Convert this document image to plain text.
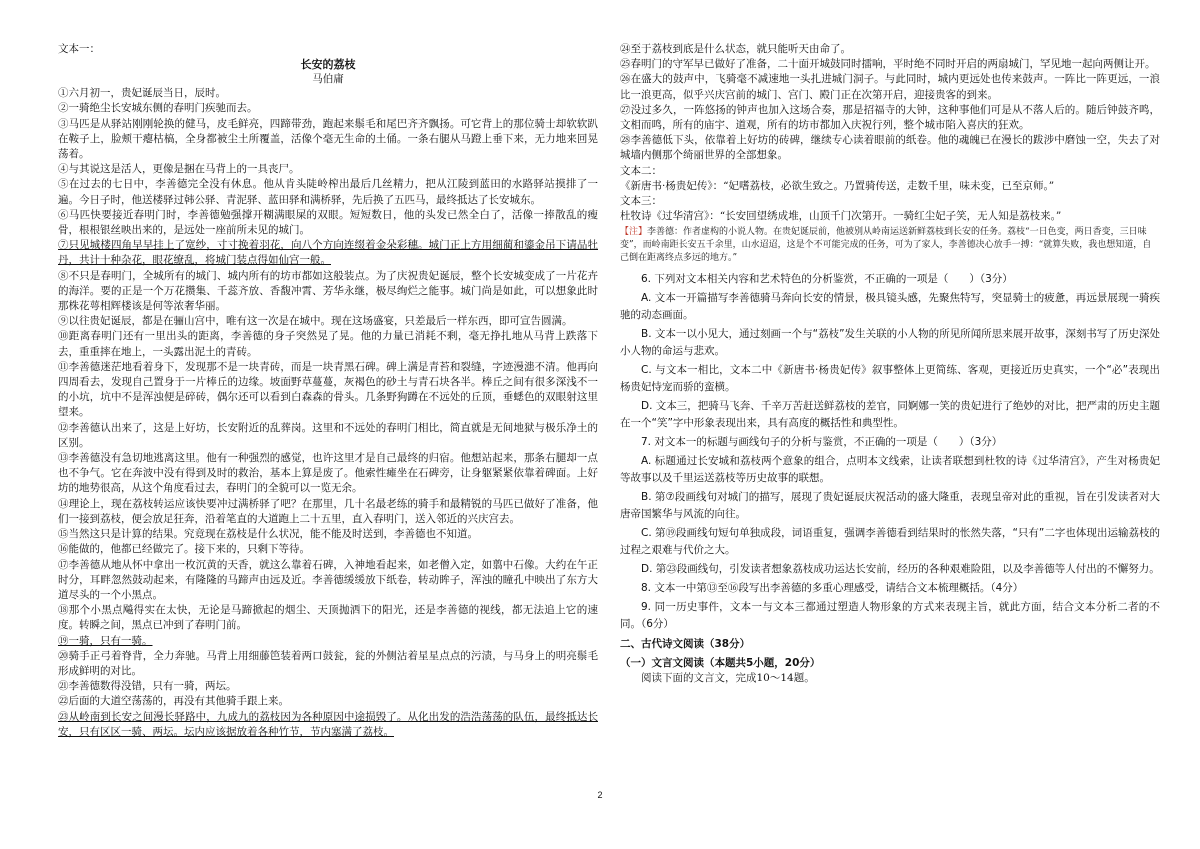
文本一：

长安的荔枝

马伯庸

①六月初一，贵妃诞辰当日，辰时。

②一骑绝尘长安城东侧的春明门疾驰而去。

③马匹是从驿站刚刚轮换的健马，皮毛鲜亮，四蹄带劲，跑起来鬃毛和尾巴齐齐飘扬。可它背上的那位骑士却软软趴在鞍子上，脸颊干瘪枯槁，全身都被尘土所覆盖，活像个毫无生命的土俑。一条右腿从马蹬上垂下来，无力地来回晃荡着。

④与其说这是活人，更像是捆在马背上的一具丧尸。

⑤在过去的七日中，李善德完全没有休息。他从肯头陡岭榨出最后几丝精力，把从江陵到蓝田的水路驿站摸排了一遍。今日子时，他送楼驿过韩公驿、青泥驿、蓝田驿和满桥驿，先后换了五匹马，最终抵达了长安城东。

⑥马匹快要接近春明门时，李善德勉强撑开糊满眼屎的双眼。短短数日，他的头发已然全白了，活像一捧散乱的瘦骨，根根银丝映出来的，是远处一座前所未见的城门。

⑦只见城楼四角早早挂上了宽纱，寸寸挽着羽花，向八个方向连缀着金朵彩穗。城门正上方用细蔺和鎏金吊下请品牡丹，共计十种杂花，眼花缭乱，将城门装点得如仙宫一般。

⑧不只是春明门，全城所有的城门、城内所有的坊市都如这般装点。为了庆祝贵妃诞辰，整个长安城变成了一片花卉的海洋。要的正是一个万花攒集、千蕊齐放、香馥冲霄、芳华永继，极尽绚烂之能事。城门尚是如此，可以想象此时那株花萼相辉楼该是何等浓奢华丽。

⑨以往贵妃诞辰，都是在骊山宫中，唯有这一次是在城中。现在这场盛宴，只差最后一样东西，即可宣告圆满。

⑩距离春明门还有一里出头的距离，李善德的身子突然晃了晃。他的力量已消耗不剩，毫无挣扎地从马背上跌落下去，重重摔在地上，一头露出泥土的青砖。

⑪李善德迷茫地看着身下，发现那不是一块青砖，而是一块青黑石碑。碑上满是青苔和裂缝，字迹漫漶不清。他再向四周看去，发现自己置身于一片棒丘的边缘。坡面野草蔓蔓，灰褐色的砂土与青石块各半。棒丘之间有很多深浅不一的小坑，坑中不是浑浊便是碎砖，偶尔还可以看到白森森的骨头。几条野狗蹲在不远处的丘顶，垂蟋色的双眼射这里望来。

⑫李善德认出来了，这是上好坊，长安附近的乱葬岗。这里和不远处的春明门相比，简直就是无间地狱与极乐净土的区别。

⑬李善德没有急切地逃离这里。他有一种强烈的感觉，也许这里才是自己最终的归宿。他想站起来，那条右腿却一点也不争气。它在奔波中没有得到及时的救治，基本上算是废了。他索性瘫坐在石碑旁，让身躯紧紧依靠着碑面。上好坊的地势很高，从这个角度看过去，春明门的全貌可以一览无余。

⑭理论上，现在荔枝转运应该快要冲过满桥驿了吧？在那里，几十名最老练的骑手和最精锐的马匹已做好了准备，他们一接到荔枝，便会放足狂奔，沿着笔直的大道跑上二十五里，直入春明门，送入邻近的兴庆宫去。

⑮当然这只是计算的结果。究竟现在荔枝是什么状况，能不能及时送到，李善德也不知道。

⑯能做的，他都已经做完了。接下来的，只剩下等待。

⑰李善德从地从怀中拿出一枚沉黄的天香，就这么靠着石碑，入神地看起来，如老僧入定，如翦中石像。大约在午正时分，耳畔忽然鼓动起来，有隆隆的马蹄声由远及近。李善德缓缓放下纸卷，转动眸子，浑浊的瞳孔中映出了东方大道尽头的一个小黑点。

⑱那个小黑点飚得实在太快，无论是马蹄掀起的烟尘、天顶抛洒下的阳光，还是李善德的视线，都无法追上它的速度。转瞬之间，黑点已冲到了春明门前。

⑲一骑，只有一骑。

⑳骑手正弓着脊背，全力奔驰。马背上用细藤笆装着两口鼓瓮，瓮的外侧沾着星星点点的污渍，与马身上的明亮鬃毛形成鲜明的对比。

㉑李善德数得没错，只有一骑，两坛。

㉒后面的大道空荡荡的，再没有其他骑手跟上来。

㉓从岭南到长安之间漫长驿路中，九成九的荔枝因为各种原因中途损毁了。从化出发的浩浩荡荡的队伍，最终抵达长安，只有区区一骑、两坛。坛内应该据放着各种竹节，节内塞满了荔枝。

㉔至于荔枝到底是什么状态，就只能听天由命了。

㉕春明门的守军早已做好了准备，二十面开城鼓同时擂响，平时绝不同时开启的两扇城门，罕见地一起向两侧让开。

㉖在盛大的鼓声中，飞骑毫不减速地一头扎进城门洞子。与此同时，城内更远处也传来鼓声。一阵比一阵更远，一浪比一浪更高，似乎兴庆宫前的城门、宫门、殿门正在次第开启，迎接贵客的到来。

㉗没过多久，一阵悠扬的钟声也加入这场合奏，那是招福寺的大钟，这种事他们可是从不落人后的。随后钟鼓齐鸣，文相而鸣，所有的庙宇、道观，所有的坊市都加入庆祝行列，整个城市陷入喜庆的狂欢。

㉘李善德低下头，依靠着上好坊的砖碑，继续专心读着眼前的纸卷。他的魂魄已在漫长的跋涉中磨蚀一空，失去了对城墙内侧那个绮丽世界的全部想象。

文本二：

《新唐书·杨贵妃传》：“妃嗜荔枝，必欲生致之。乃置骑传送，走数千里，味未变，已至京师。”

文本三：

杜牧诗《过华清宫》：“长安回望绣成堆，山顶千门次第开。一骑红尘妃子笑，无人知是荔枝来。”

【注】李善德：作者虚构的小说人物。在贵妃诞辰前，他被别从岭南运送新鲜荔枝到长安的任务。荔枝“一日色变，两日香变，三日味变”，而岭南距长安五千余里，山水迢迢，这是个不可能完成的任务，可为了家人，李善德决心放手一搏：“就算失败，我也想知道，自己倒在距离终点多远的地方。”

6. 下列对文本相关内容和艺术特色的分析鉴赏，不正确的一项是（　　）（3分）

A. 文本一开篇描写李善德骑马奔向长安的情景，极具镜头感，先聚焦特写，突显骑士的疲惫，再远景展现一骑疾驰的动态画面。

B. 文本一以小见大，通过刻画一个与“荔枝”发生关联的小人物的所见所闻所思来展开故事，深刻书写了历史深处小人物的命运与悲欢。

C. 与文本一相比，文本二中《新唐书·杨贵妃传》叙事整体上更简练、客观，更接近历史真实，一个“必”表现出杨贵妃恃宠而骄的蛮横。

D. 文本三，把骑马飞奔、千辛万苦赶送鲜荔枝的差官，同婀娜一笑的贵妃进行了绝妙的对比，把严肃的历史主题在一个“笑”字中形象表现出来，具有高度的概括性和典型性。

7. 对文本一的标题与画线句子的分析与鉴赏，不正确的一项是（　　）（3分）

A. 标题通过长安城和荔枝两个意象的组合，点明本文线索，让读者联想到杜牧的诗《过华清宫》，产生对杨贵妃等故事以及千里运送荔枝等历史故事的联想。

B. 第⑦段画线句对城门的描写，展现了贵妃诞辰庆祝活动的盛大隆重，表现皇帝对此的重视，旨在引发读者对大唐帝国繁华与风流的向往。

C. 第⑲段画线句短句单独成段，词语重复，强调李善德看到结果时的怅然失落，“只有”二字也体现出运输荔枝的过程之艰难与代价之大。

D. 第㉓段画线句，引发读者想象荔枝成功运达长安前，经历的各种艰难险阻，以及李善德等人付出的不懈努力。

8. 文本一中第⑬至⑯段写出李善德的多重心理感受，请结合文本梳理概括。（4分）

9. 同一历史事件，文本一与文本三都通过塑造人物形象的方式来表现主旨，就此方面，结合文本分析二者的不同。（6分）

二、古代诗文阅读（38分）

（一）文言文阅读（本题共5小题，20分）

阅读下面的文言文，完成10～14题。

2
